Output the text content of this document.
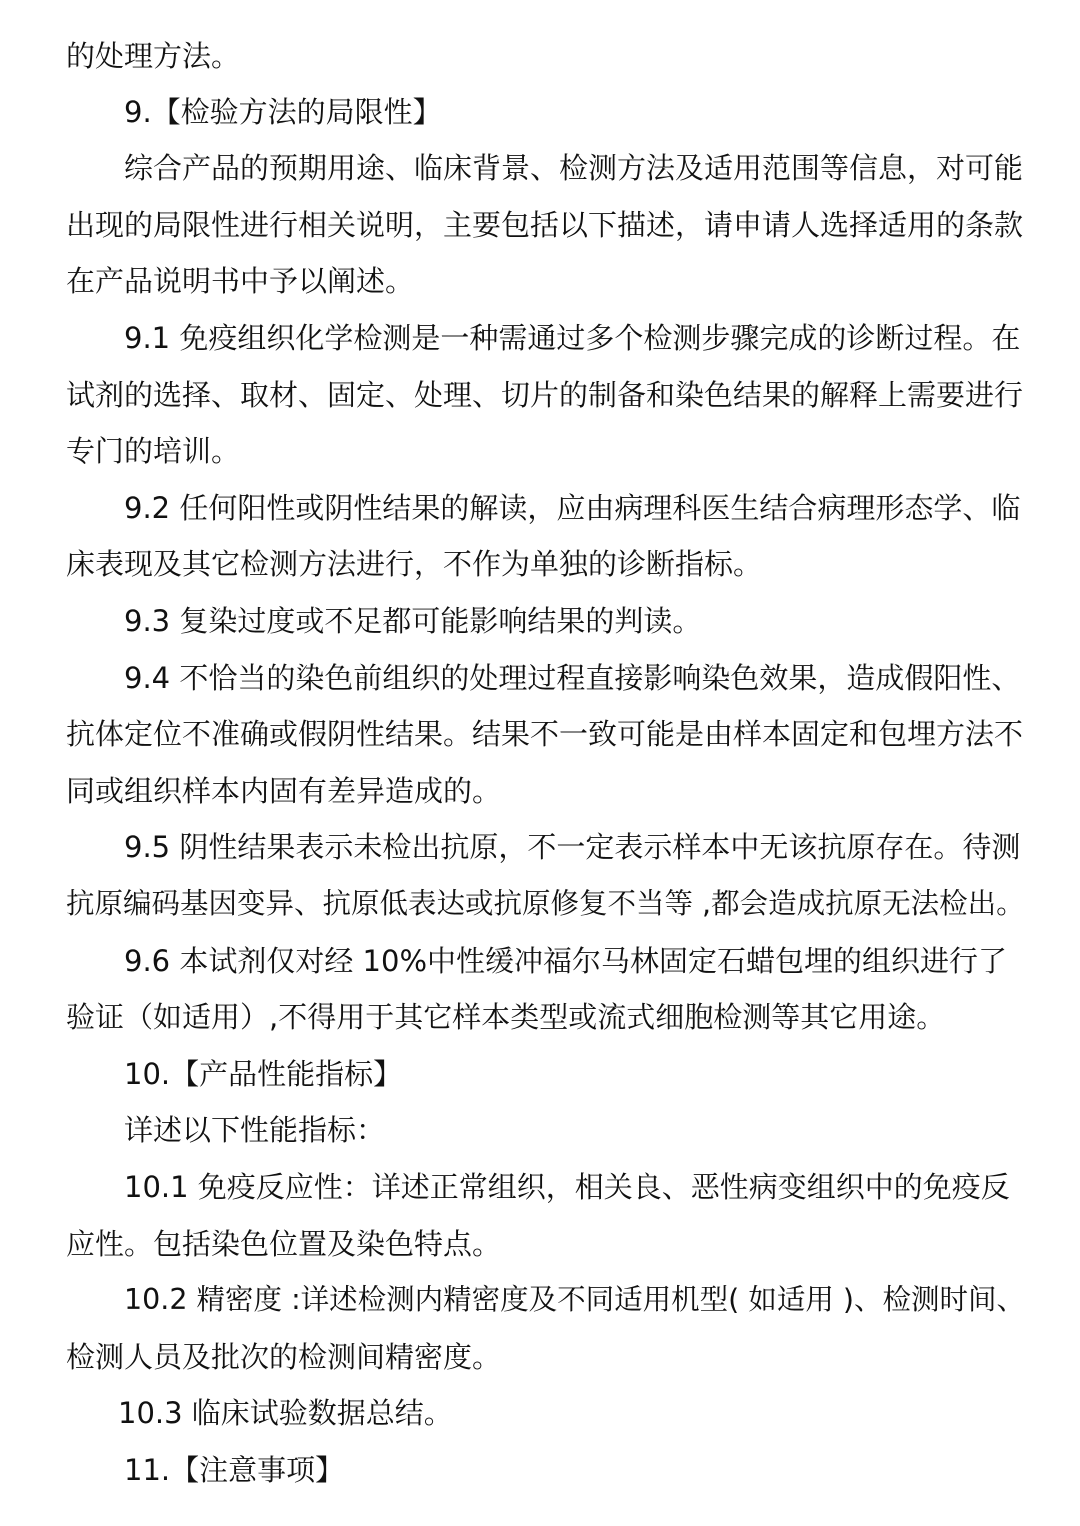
的处理方法。
9.【检验方法的局限性】
综合产品的预期用途、临床背景、检测方法及适用范围等信息，对可能
出现的局限性进行相关说明，主要包括以下描述，请申请人选择适用的条款
在产品说明书中予以阐述。
9.1 免疫组织化学检测是一种需通过多个检测步骤完成的诊断过程。在
试剂的选择、取材、固定、处理、切片的制备和染色结果的解释上需要进行
专门的培训。
9.2 任何阳性或阴性结果的解读，应由病理科医生结合病理形态学、临
床表现及其它检测方法进行，不作为单独的诊断指标。
9.3 复染过度或不足都可能影响结果的判读。
9.4 不恰当的染色前组织的处理过程直接影响染色效果，造成假阳性、
抗体定位不准确或假阴性结果。结果不一致可能是由样本固定和包埋方法不
同或组织样本内固有差异造成的。
9.5 阴性结果表示未检出抗原，不一定表示样本中无该抗原存在。待测
抗原编码基因变异、抗原低表达或抗原修复不当等 ,都会造成抗原无法检出。
9.6 本试剂仅对经 10%中性缓冲福尔马林固定石蜡包埋的组织进行了
验证（如适用）,不得用于其它样本类型或流式细胞检测等其它用途。
10.【产品性能指标】
详述以下性能指标：
10.1 免疫反应性：详述正常组织，相关良、恶性病变组织中的免疫反
应性。包括染色位置及染色特点。
10.2 精密度 :详述检测内精密度及不同适用机型( 如适用 )、检测时间、
检测人员及批次的检测间精密度。
10.3 临床试验数据总结。
11.【注意事项】
